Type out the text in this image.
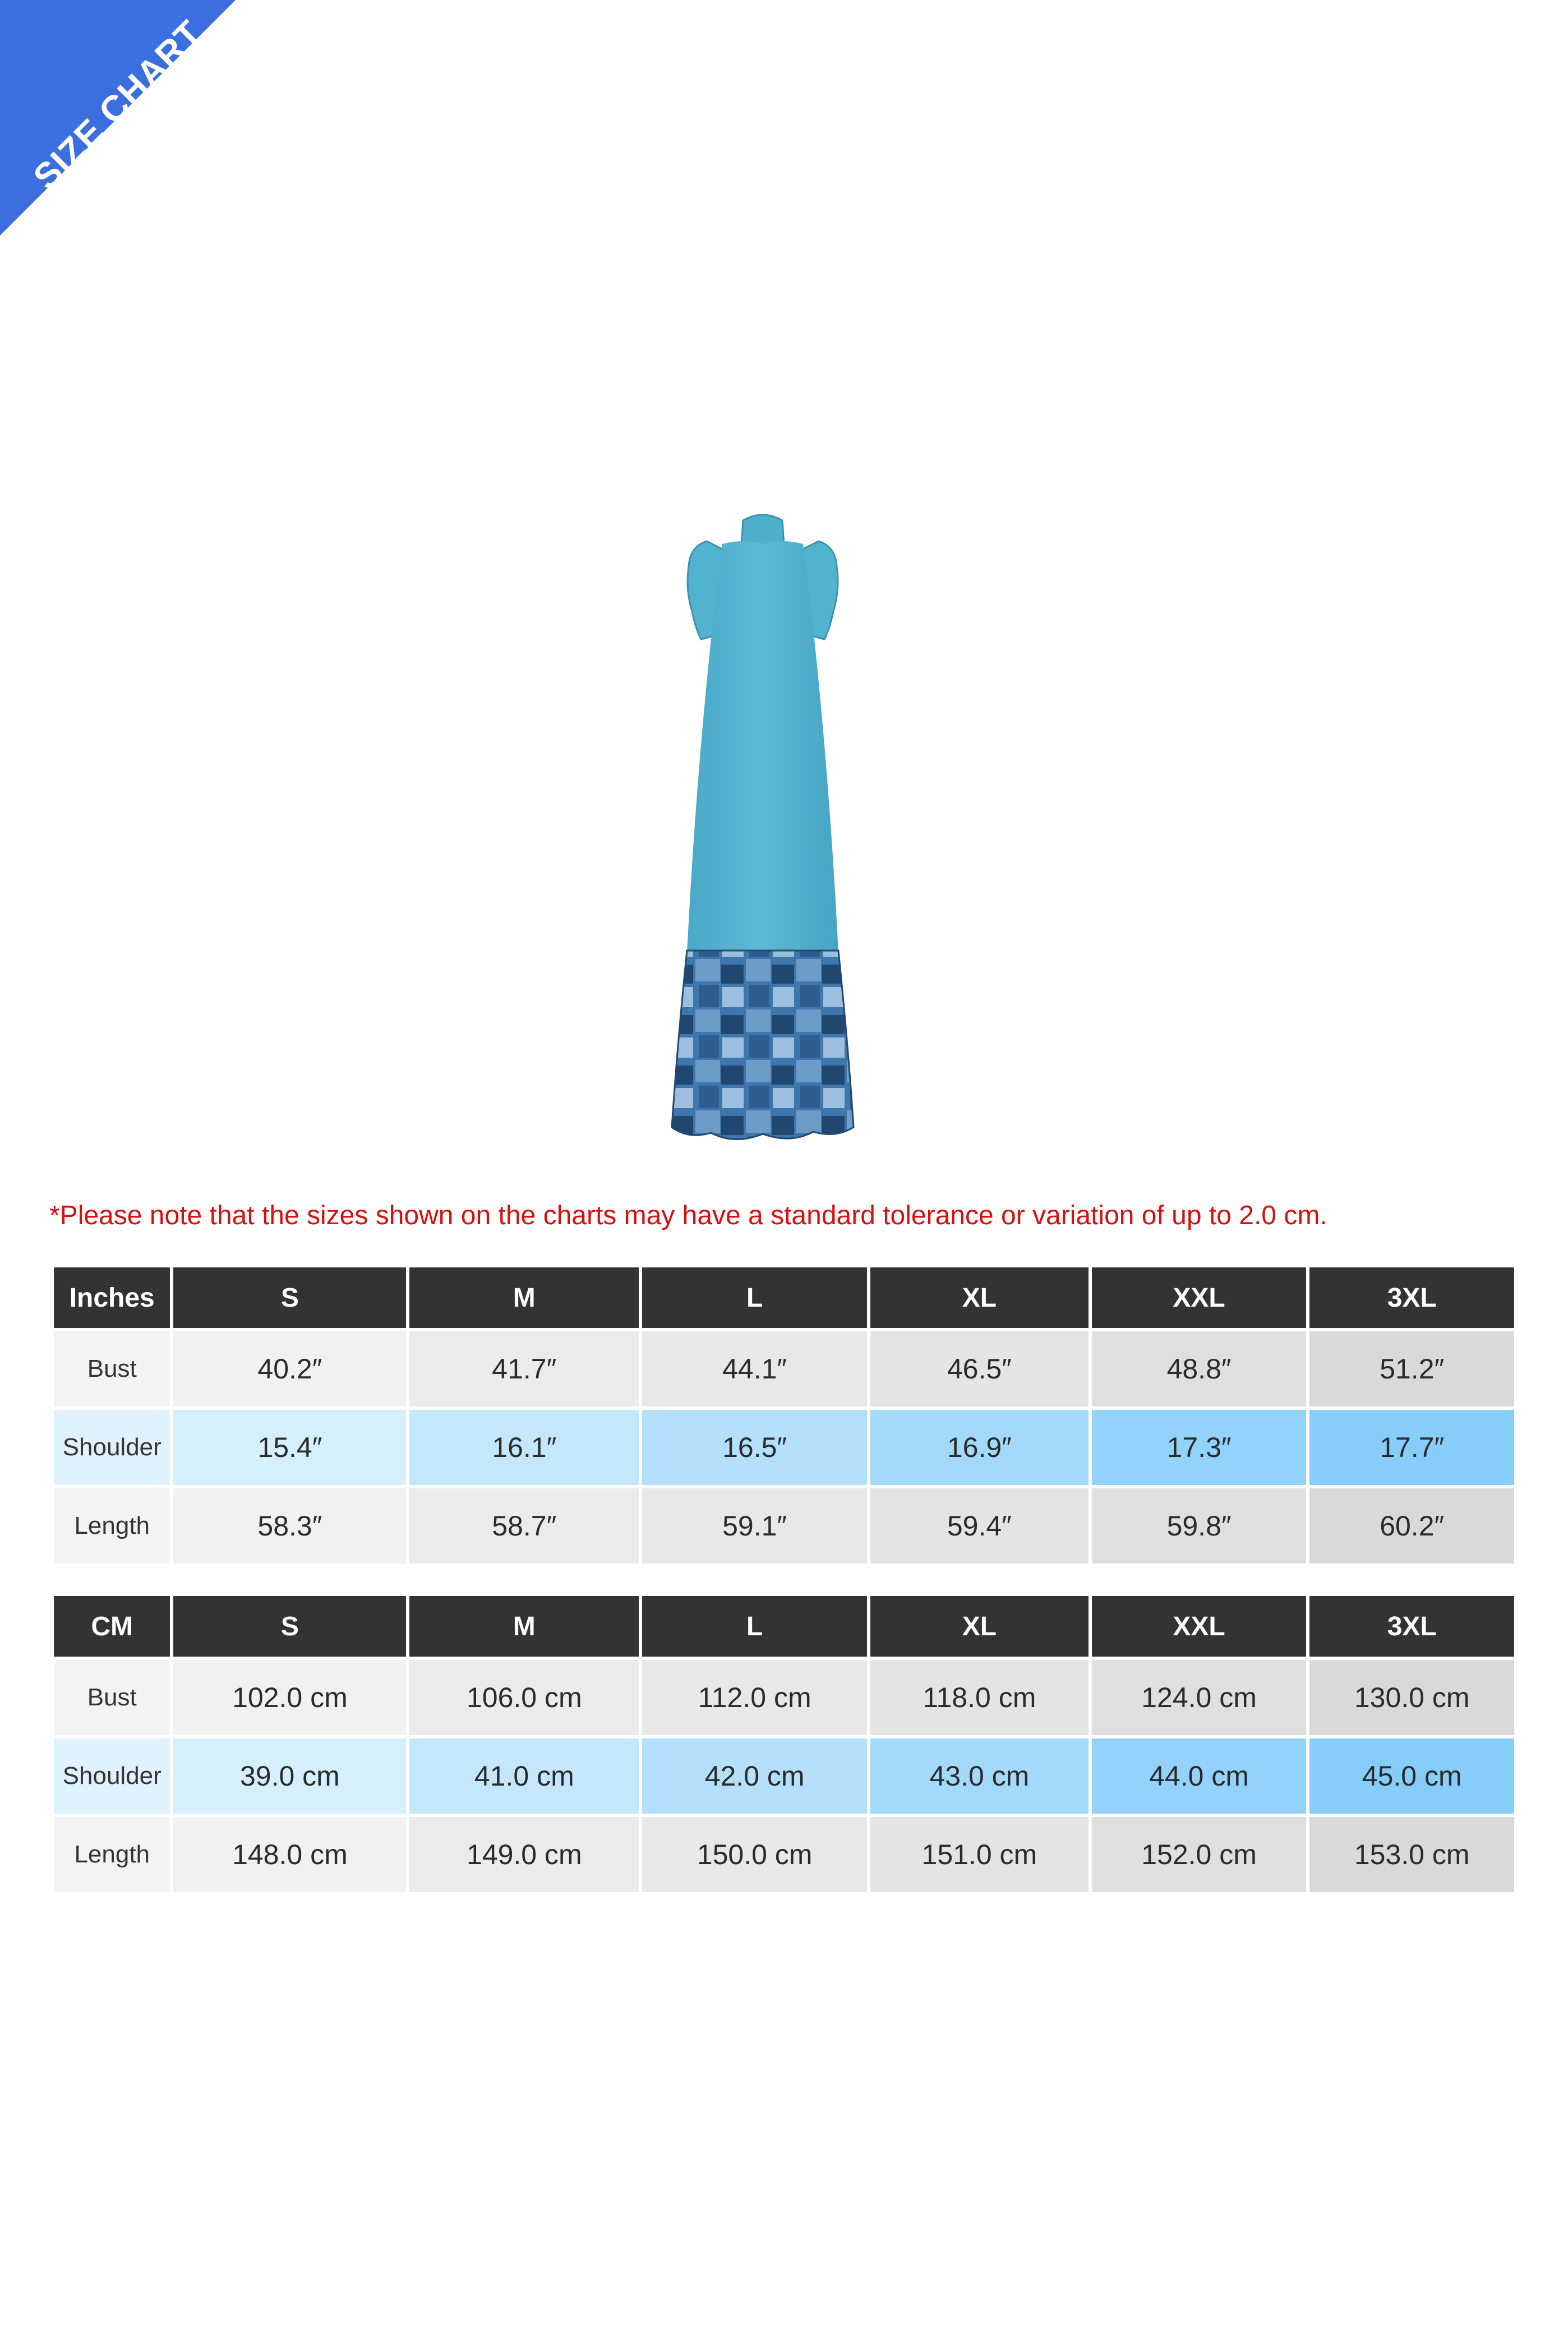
SIZE CHART
*Please note that the sizes shown on the charts may have a standard tolerance or variation of up to 2.0 cm.
Inches	S	M	L	XL	XXL	3XL
Bust	40.2″	41.7″	44.1″	46.5″	48.8″	51.2″
Shoulder	15.4″	16.1″	16.5″	16.9″	17.3″	17.7″
Length	58.3″	58.7″	59.1″	59.4″	59.8″	60.2″
CM	S	M	L	XL	XXL	3XL
Bust	102.0 cm	106.0 cm	112.0 cm	118.0 cm	124.0 cm	130.0 cm
Shoulder	39.0 cm	41.0 cm	42.0 cm	43.0 cm	44.0 cm	45.0 cm
Length	148.0 cm	149.0 cm	150.0 cm	151.0 cm	152.0 cm	153.0 cm
